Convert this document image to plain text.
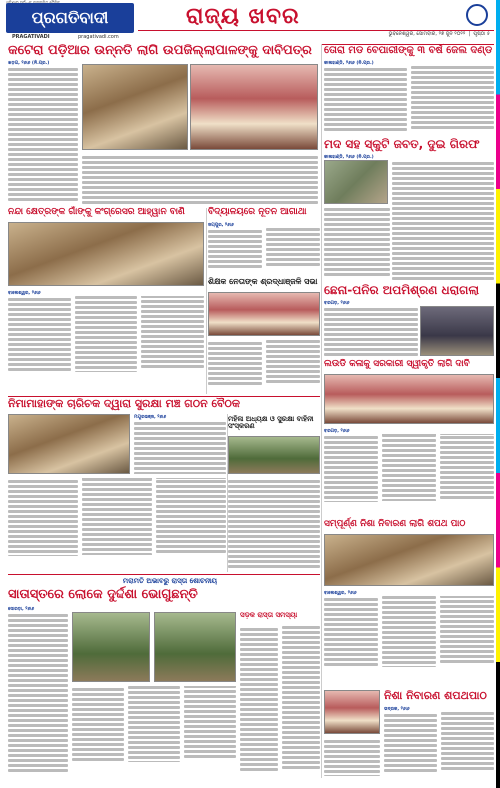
ପ୍ରଗତିବାଦୀ
PRAGATIVADI	pragativadi.com
ରାଜ୍ୟ ଖବର
ଭୁବନେଶ୍ୱର, ସୋମବାର, ୨୭ ଜୁନ ୨୦୨୨  |  ପୃଷ୍ଠା ୫
କଟେରା ପଡ଼ିଆର ଉନ୍ନତି ଲାଗି ଉପଜିଲ୍ଲାପାଳଙ୍କୁ ଦାବିପତ୍ର
ଖଡ଼ଗ, ୨୬ା୬ (ନି.ପ୍ର.)
ତୋରା ମଡ ବେପାରୀଙ୍କୁ ୩ ବର୍ଷ ଜେଲ ଦଣ୍ଡ
କାଳାହାଣ୍ଡି, ୨୬ା୬ (ନି.ପ୍ର.)
ମଦ ସହ ସ୍କୁଟି ଜବତ, ଦୁଇ ଗିରଫ
କାଳାହାଣ୍ଡି, ୨୬ା୬ (ନି.ପ୍ର.)
ନନ୍ଦା କ୍ଷେତ୍ରଙ୍କ ଗାଁଙ୍କୁ କଂଗ୍ରେସର ଆହ୍ୱାନ ବାଣି
ବାଲେଶ୍ୱର, ୨୬ା୬
ବିଦ୍ୟାଳୟରେ ନୂତନ ଆଗାଥା
ଜୟପୁର, ୨୬ା୬
ଶିକ୍ଷକ ନେତାଙ୍କ ଶ୍ରଦ୍ଧାଞ୍ଜଳି ସଭା
ଛେନା-ପନିର ଅପମିଶ୍ରଣ ଧରାଗଲା
ବରଗଡ଼, ୨୬ା୬
ନିମାମାହାଙ୍କ ଚାରିଚକ ଦ୍ୱାରା ସୁରକ୍ଷା ମଞ୍ଚ ଗଠନ ବୈଠକ
ମୟୂରଭଞ୍ଜ, ୨୬ା୬	ମହିଳା ଅଧ୍ୟକ୍ଷ ଓ ସୁରକ୍ଷା ବାହିନୀ ସଂସ୍କରଣ
ଲଉଡି କଳାକୁ ସରକାରୀ ସ୍ୱୀକୃତି ଲାଗି ଦାବି
ବରଗଡ଼, ୨୬ା୬
ସମ୍ପୂର୍ଣ୍ଣ ନିଶା ନିବାରଣ ଲାଗି ଶପଥ ପାଠ
ବାଲେଶ୍ୱର, ୨୬ା୬
ମରାମତି ଅଭାବରୁ ରାସ୍ତା ଶୋଚନୀୟ
ସାତାସ୍ତରେ ଲୋକେ ଦୁର୍ଦ୍ଦଶା ଭୋଗୁଛନ୍ତି
ସୋରଡ଼ା, ୨୬ା୬
ସଡ଼କ ରାସ୍ତା ସମସ୍ୟା
ନିଶା ନିବାରଣ ଶପଥପାଠ
ଭଦ୍ରକ, ୨୬ା୬
